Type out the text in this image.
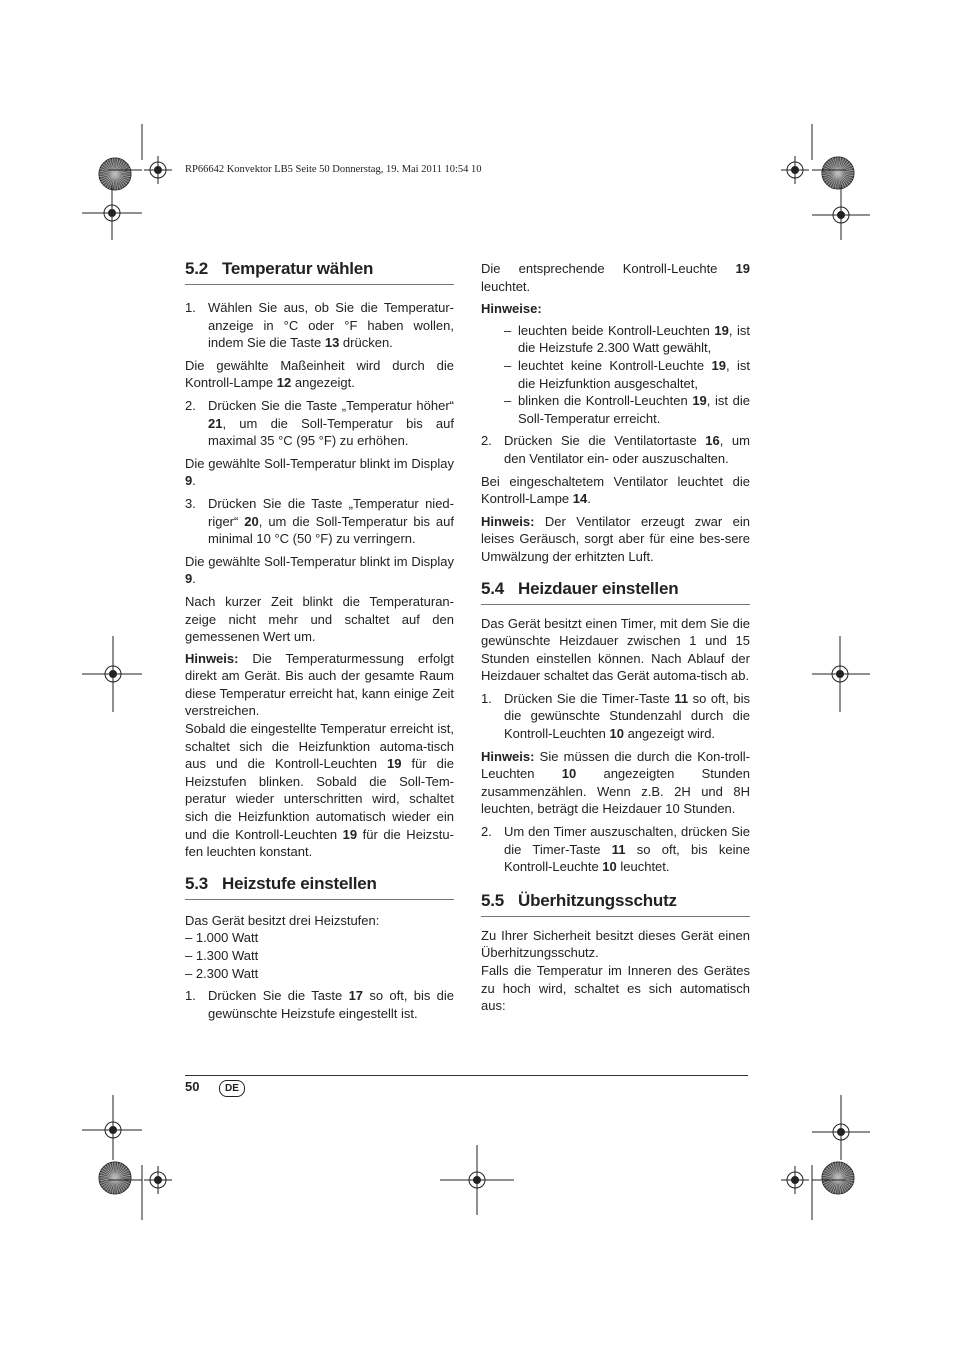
RP66642 Konvektor LB5 Seite 50 Donnerstag, 19. Mai 2011 10:54 10
5.2 Temperatur wählen
1. Wählen Sie aus, ob Sie die Temperatur-anzeige in °C oder °F haben wollen, indem Sie die Taste 13 drücken.

Die gewählte Maßeinheit wird durch die Kontroll-Lampe 12 angezeigt.

2. Drücken Sie die Taste „Temperatur höher“ 21, um die Soll-Temperatur bis auf maximal 35 °C (95 °F) zu erhöhen.

Die gewählte Soll-Temperatur blinkt im Display 9.

3. Drücken Sie die Taste „Temperatur nied-riger“ 20, um die Soll-Temperatur bis auf minimal 10 °C (50 °F) zu verringern.

Die gewählte Soll-Temperatur blinkt im Display 9.

Nach kurzer Zeit blinkt die Temperaturan-zeige nicht mehr und schaltet auf den gemessenen Wert um.

Hinweis: Die Temperaturmessung erfolgt direkt am Gerät. Bis auch der gesamte Raum diese Temperatur erreicht hat, kann einige Zeit verstreichen.

Sobald die eingestellte Temperatur erreicht ist, schaltet sich die Heizfunktion automa-tisch aus und die Kontroll-Leuchten 19 für die Heizstufen blinken. Sobald die Soll-Tem-peratur wieder unterschritten wird, schaltet sich die Heizfunktion automatisch wieder ein und die Kontroll-Leuchten 19 für die Heizstu-fen leuchten konstant.

5.3 Heizstufe einstellen

Das Gerät besitzt drei Heizstufen:

– 1.000 Watt

– 1.300 Watt

– 2.300 Watt

1. Drücken Sie die Taste 17 so oft, bis die gewünschte Heizstufe eingestellt ist.

Die entsprechende Kontroll-Leuchte 19 leuchtet.

Hinweise:

– leuchten beide Kontroll-Leuchten 19, ist die Heizstufe 2.300 Watt gewählt,
– leuchtet keine Kontroll-Leuchte 19, ist die Heizfunktion ausgeschaltet,
– blinken die Kontroll-Leuchten 19, ist die Soll-Temperatur erreicht.
2. Drücken Sie die Ventilatortaste 16, um den Ventilator ein- oder auszuschalten.

Bei eingeschaltetem Ventilator leuchtet die Kontroll-Lampe 14.

Hinweis: Der Ventilator erzeugt zwar ein leises Geräusch, sorgt aber für eine bes-sere Umwälzung der erhitzten Luft.

5.4 Heizdauer einstellen

Das Gerät besitzt einen Timer, mit dem Sie die gewünschte Heizdauer zwischen 1 und 15 Stunden einstellen können. Nach Ablauf der Heizdauer schaltet das Gerät automa-tisch ab.

1. Drücken Sie die Timer-Taste 11 so oft, bis die gewünschte Stundenzahl durch die Kontroll-Leuchten 10 angezeigt wird.

Hinweis: Sie müssen die durch die Kon-troll-Leuchten 10 angezeigten Stunden zusammenzählen. Wenn z.B. 2H und 8H leuchten, beträgt die Heizdauer 10 Stunden.

2. Um den Timer auszuschalten, drücken Sie die Timer-Taste 11 so oft, bis keine Kontroll-Leuchte 10 leuchtet.
5.5 Überhitzungsschutz

Zu Ihrer Sicherheit besitzt dieses Gerät einen Überhitzungsschutz.

Falls die Temperatur im Inneren des Gerätes zu hoch wird, schaltet es sich automatisch aus:

50	DE
